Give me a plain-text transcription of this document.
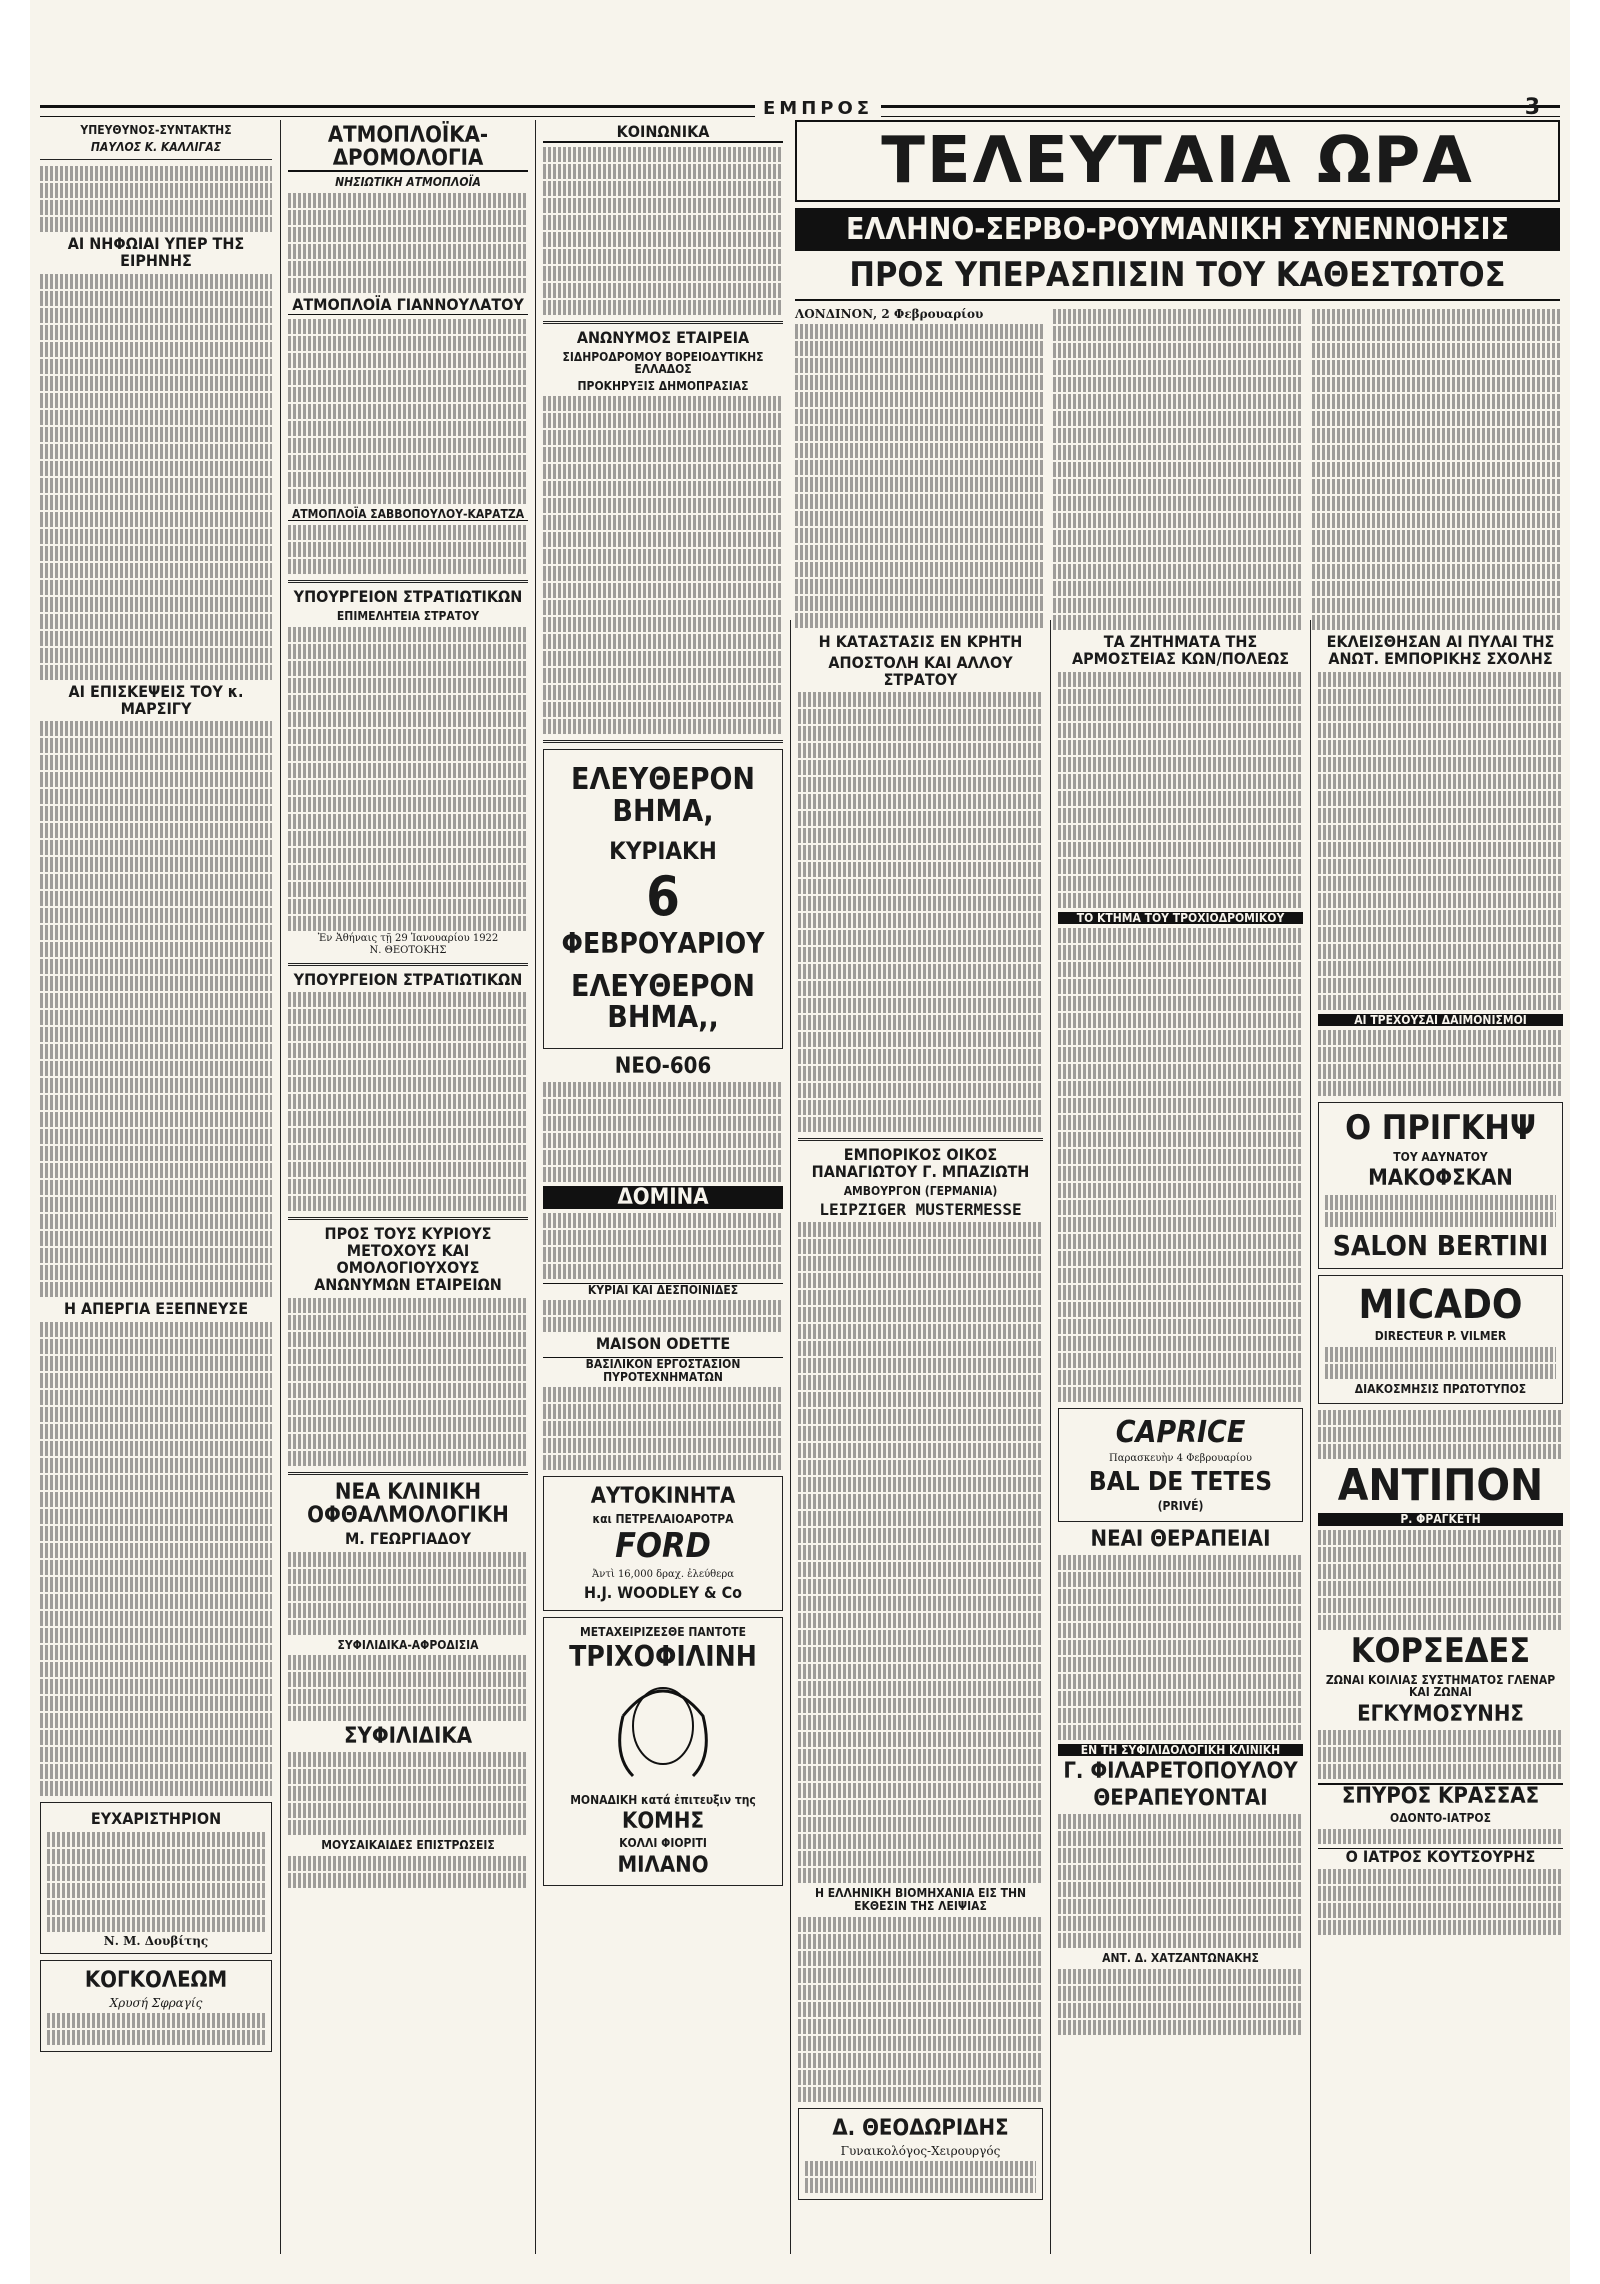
ΕΜΠΡΟΣ	3
ΥΠΕΥΘΥΝΟΣ-ΣΥΝΤΑΚΤΗΣ
ΠΑΥΛΟΣ Κ. ΚΑΛΛΙΓΑΣ
ΑΙ ΝΗΦΩΙΑΙ ΥΠΕΡ ΤΗΣ ΕΙΡΗΝΗΣ
ΑΙ ΕΠΙΣΚΕΨΕΙΣ ΤΟΥ κ. ΜΑΡΣΙΓΥ
Η ΑΠΕΡΓΙΑ ΕΞΕΠΝΕΥΣΕ
ΕΥΧΑΡΙΣΤΗΡΙΟΝ
Ν. Μ. Δουβίτης
ΚΟΓΚΟΛΕΩΜ
Χρυσή Σφραγίς
ΑΤΜΟΠΛΟΪΚΑ-ΔΡΟΜΟΛΟΓΙΑ
ΝΗΣΙΩΤΙΚΗ ΑΤΜΟΠΛΟΪΑ
ΑΤΜΟΠΛΟΪΑ ΓΙΑΝΝΟΥΛΑΤΟΥ
ΑΤΜΟΠΛΟΪΑ ΣΑΒΒΟΠΟΥΛΟΥ-ΚΑΡΑΤΖΑ
ΥΠΟΥΡΓΕΙΟΝ ΣΤΡΑΤΙΩΤΙΚΩΝ
ΕΠΙΜΕΛΗΤΕΙΑ ΣΤΡΑΤΟΥ
Ἐν Ἀθήναις τῇ 29 Ἰανουαρίου 1922
Ν. ΘΕΟΤΟΚΗΣ
ΥΠΟΥΡΓΕΙΟΝ ΣΤΡΑΤΙΩΤΙΚΩΝ
ΠΡΟΣ ΤΟΥΣ ΚΥΡΙΟΥΣ ΜΕΤΟΧΟΥΣ ΚΑΙ ΟΜΟΛΟΓΙΟΥΧΟΥΣ ΑΝΩΝΥΜΩΝ ΕΤΑΙΡΕΙΩΝ
ΝΕΑ ΚΛΙΝΙΚΗ ΟΦΘΑΛΜΟΛΟΓΙΚΗ
Μ. ΓΕΩΡΓΙΑΔΟΥ
ΣΥΦΙΛΙΔΙΚΑ-ΑΦΡΟΔΙΣΙΑ
ΣΥΦΙΛΙΔΙΚΑ
ΜΟΥΣΑΙΚΑΙΔΕΣ ΕΠΙΣΤΡΩΣΕΙΣ
ΚΟΙΝΩΝΙΚΑ
ΑΝΩΝΥΜΟΣ ΕΤΑΙΡΕΙΑ
ΣΙΔΗΡΟΔΡΟΜΟΥ ΒΟΡΕΙΟΔΥΤΙΚΗΣ ΕΛΛΑΔΟΣ
ΠΡΟΚΗΡΥΞΙΣ ΔΗΜΟΠΡΑΣΙΑΣ
ΕΛΕΥΘΕΡΟΝ ΒΗΜΑ,
ΚΥΡΙΑΚΗ
6
ΦΕΒΡΟΥΑΡΙΟΥ
ΕΛΕΥΘΕΡΟΝ ΒΗΜΑ,,
ΝΕΟ-606
ΔΟΜΙΝΑ
ΚΥΡΙΑΙ ΚΑΙ ΔΕΣΠΟΙΝΙΔΕΣ
MAISON ODETTE
ΒΑΣΙΛΙΚΟΝ ΕΡΓΟΣΤΑΣΙΟΝ ΠΥΡΟΤΕΧΝΗΜΑΤΩΝ
ΑΥΤΟΚΙΝΗΤΑ
και ΠΕΤΡΕΛΑΙΟΑΡΟΤΡΑ
FORD
Ἀντὶ 16,000 δραχ. ἐλεύθερα
H.J. WOODLEY & Co
ΜΕΤΑΧΕΙΡΙΖΕΣΘΕ ΠΑΝΤΟΤΕ
ΤΡΙΧΟΦΙΛΙΝΗ
ΜΟΝΑΔΙΚΗ κατά ἐπιτευξιν της
ΚΟΜΗΣ
ΚΟΛΛΙ ΦΙΟΡΙΤΙ
ΜΙΛΑΝΟ
ΤΕΛΕΥΤΑΙΑ ΩΡΑ
ΕΛΛΗΝΟ-ΣΕΡΒΟ-ΡΟΥΜΑΝΙΚΗ ΣΥΝΕΝΝΟΗΣΙΣ
ΠΡΟΣ ΥΠΕΡΑΣΠΙΣΙΝ ΤΟΥ ΚΑΘΕΣΤΩΤΟΣ
ΛΟΝΔΙΝΟΝ, 2 Φεβρουαρίου
Η ΚΑΤΑΣΤΑΣΙΣ ΕΝ ΚΡΗΤΗ
ΑΠΟΣΤΟΛΗ ΚΑΙ ΑΛΛΟΥ ΣΤΡΑΤΟΥ
ΕΜΠΟΡΙΚΟΣ ΟΙΚΟΣ ΠΑΝΑΓΙΩΤΟΥ Γ. ΜΠΑΖΙΩΤΗ
ΑΜΒΟΥΡΓΟΝ (ΓΕΡΜΑΝΙΑ)
LEIPZIGER MUSTERMESSE
Η ΕΛΛΗΝΙΚΗ ΒΙΟΜΗΧΑΝΙΑ ΕΙΣ ΤΗΝ ΕΚΘΕΣΙΝ ΤΗΣ ΛΕΙΨΙΑΣ
Δ. ΘΕΟΔΩΡΙΔΗΣ
Γυναικολόγος-Χειρουργός
ΤΑ ΖΗΤΗΜΑΤΑ ΤΗΣ ΑΡΜΟΣΤΕΙΑΣ ΚΩΝ/ΠΟΛΕΩΣ
ΤΟ ΚΤΗΜΑ ΤΟΥ ΤΡΟΧΙΟΔΡΟΜΙΚΟΥ
CAPRICE
Παρασκευὴν 4 Φεβρουαρίου
BAL DE TETES
(PRIVÉ)
ΝΕΑΙ ΘΕΡΑΠΕΙΑΙ
ΕΝ ΤΗ ΣΥΦΙΛΙΔΟΛΟΓΙΚΗ ΚΛΙΝΙΚΗ
Γ. ΦΙΛΑΡΕΤΟΠΟΥΛΟΥ
ΘΕΡΑΠΕΥΟΝΤΑΙ
ΑΝΤ. Δ. ΧΑΤΖΑΝΤΩΝΑΚΗΣ
ΕΚΛΕΙΣΘΗΣΑΝ ΑΙ ΠΥΛΑΙ ΤΗΣ ΑΝΩΤ. ΕΜΠΟΡΙΚΗΣ ΣΧΟΛΗΣ
ΑΙ ΤΡΕΧΟΥΣΑΙ ΔΑΙΜΟΝΙΣΜΟΙ
Ο ΠΡΙΓΚΗΨ
ΤΟΥ ΑΔΥΝΑΤΟΥ
ΜΑΚΟΦΣΚΑΝ
SALON BERTINI
MICADO
DIRECTEUR P. VILMER
ΔΙΑΚΟΣΜΗΣΙΣ ΠΡΩΤΟΤΥΠΟΣ
ΑΝΤΙΠΟΝ
Ρ. ΦΡΑΓΚΕΤΗ
ΚΟΡΣΕΔΕΣ
ΖΩΝΑΙ ΚΟΙΛΙΑΣ ΣΥΣΤΗΜΑΤΟΣ ΓΛΕΝΑΡ ΚΑΙ ΖΩΝΑΙ
ΕΓΚΥΜΟΣΥΝΗΣ
ΣΠΥΡΟΣ ΚΡΑΣΣΑΣ
ΟΔΟΝΤΟ-ΙΑΤΡΟΣ
Ο ΙΑΤΡΟΣ ΚΟΥΤΣΟΥΡΗΣ
